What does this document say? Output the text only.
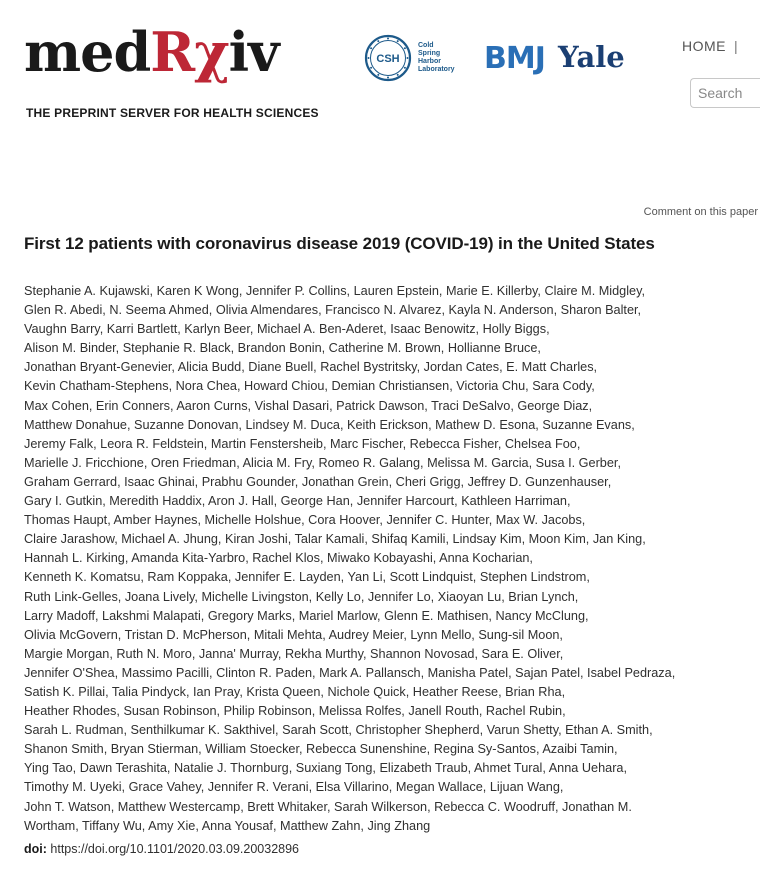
medRχiv
THE PREPRINT SERVER FOR HEALTH SCIENCES
CSH
Cold
Spring
Harbor
Laboratory BMJ Yale	HOME |
Search
Comment on this paper
First 12 patients with coronavirus disease 2019 (COVID-19) in the United States
Stephanie A. Kujawski, Karen K Wong, Jennifer P. Collins, Lauren Epstein, Marie E. Killerby, Claire M. Midgley,
Glen R. Abedi, N. Seema Ahmed, Olivia Almendares, Francisco N. Alvarez, Kayla N. Anderson, Sharon Balter,
Vaughn Barry, Karri Bartlett, Karlyn Beer, Michael A. Ben-Aderet, Isaac Benowitz, Holly Biggs,
Alison M. Binder, Stephanie R. Black, Brandon Bonin, Catherine M. Brown, Hollianne Bruce,
Jonathan Bryant-Genevier, Alicia Budd, Diane Buell, Rachel Bystritsky, Jordan Cates, E. Matt Charles,
Kevin Chatham-Stephens, Nora Chea, Howard Chiou, Demian Christiansen, Victoria Chu, Sara Cody,
Max Cohen, Erin Conners, Aaron Curns, Vishal Dasari, Patrick Dawson, Traci DeSalvo, George Diaz,
Matthew Donahue, Suzanne Donovan, Lindsey M. Duca, Keith Erickson, Mathew D. Esona, Suzanne Evans,
Jeremy Falk, Leora R. Feldstein, Martin Fenstersheib, Marc Fischer, Rebecca Fisher, Chelsea Foo,
Marielle J. Fricchione, Oren Friedman, Alicia M. Fry, Romeo R. Galang, Melissa M. Garcia, Susa I. Gerber,
Graham Gerrard, Isaac Ghinai, Prabhu Gounder, Jonathan Grein, Cheri Grigg, Jeffrey D. Gunzenhauser,
Gary I. Gutkin, Meredith Haddix, Aron J. Hall, George Han, Jennifer Harcourt, Kathleen Harriman,
Thomas Haupt, Amber Haynes, Michelle Holshue, Cora Hoover, Jennifer C. Hunter, Max W. Jacobs,
Claire Jarashow, Michael A. Jhung, Kiran Joshi, Talar Kamali, Shifaq Kamili, Lindsay Kim, Moon Kim, Jan King,
Hannah L. Kirking, Amanda Kita-Yarbro, Rachel Klos, Miwako Kobayashi, Anna Kocharian,
Kenneth K. Komatsu, Ram Koppaka, Jennifer E. Layden, Yan Li, Scott Lindquist, Stephen Lindstrom,
Ruth Link-Gelles, Joana Lively, Michelle Livingston, Kelly Lo, Jennifer Lo, Xiaoyan Lu, Brian Lynch,
Larry Madoff, Lakshmi Malapati, Gregory Marks, Mariel Marlow, Glenn E. Mathisen, Nancy McClung,
Olivia McGovern, Tristan D. McPherson, Mitali Mehta, Audrey Meier, Lynn Mello, Sung-sil Moon,
Margie Morgan, Ruth N. Moro, Janna' Murray, Rekha Murthy, Shannon Novosad, Sara E. Oliver,
Jennifer O'Shea, Massimo Pacilli, Clinton R. Paden, Mark A. Pallansch, Manisha Patel, Sajan Patel, Isabel Pedraza,
Satish K. Pillai, Talia Pindyck, Ian Pray, Krista Queen, Nichole Quick, Heather Reese, Brian Rha,
Heather Rhodes, Susan Robinson, Philip Robinson, Melissa Rolfes, Janell Routh, Rachel Rubin,
Sarah L. Rudman, Senthilkumar K. Sakthivel, Sarah Scott, Christopher Shepherd, Varun Shetty, Ethan A. Smith,
Shanon Smith, Bryan Stierman, William Stoecker, Rebecca Sunenshine, Regina Sy-Santos, Azaibi Tamin,
Ying Tao, Dawn Terashita, Natalie J. Thornburg, Suxiang Tong, Elizabeth Traub, Ahmet Tural, Anna Uehara,
Timothy M. Uyeki, Grace Vahey, Jennifer R. Verani, Elsa Villarino, Megan Wallace, Lijuan Wang,
John T. Watson, Matthew Westercamp, Brett Whitaker, Sarah Wilkerson, Rebecca C. Woodruff, Jonathan M.
Wortham, Tiffany Wu, Amy Xie, Anna Yousaf, Matthew Zahn, Jing Zhang
doi: https://doi.org/10.1101/2020.03.09.20032896
